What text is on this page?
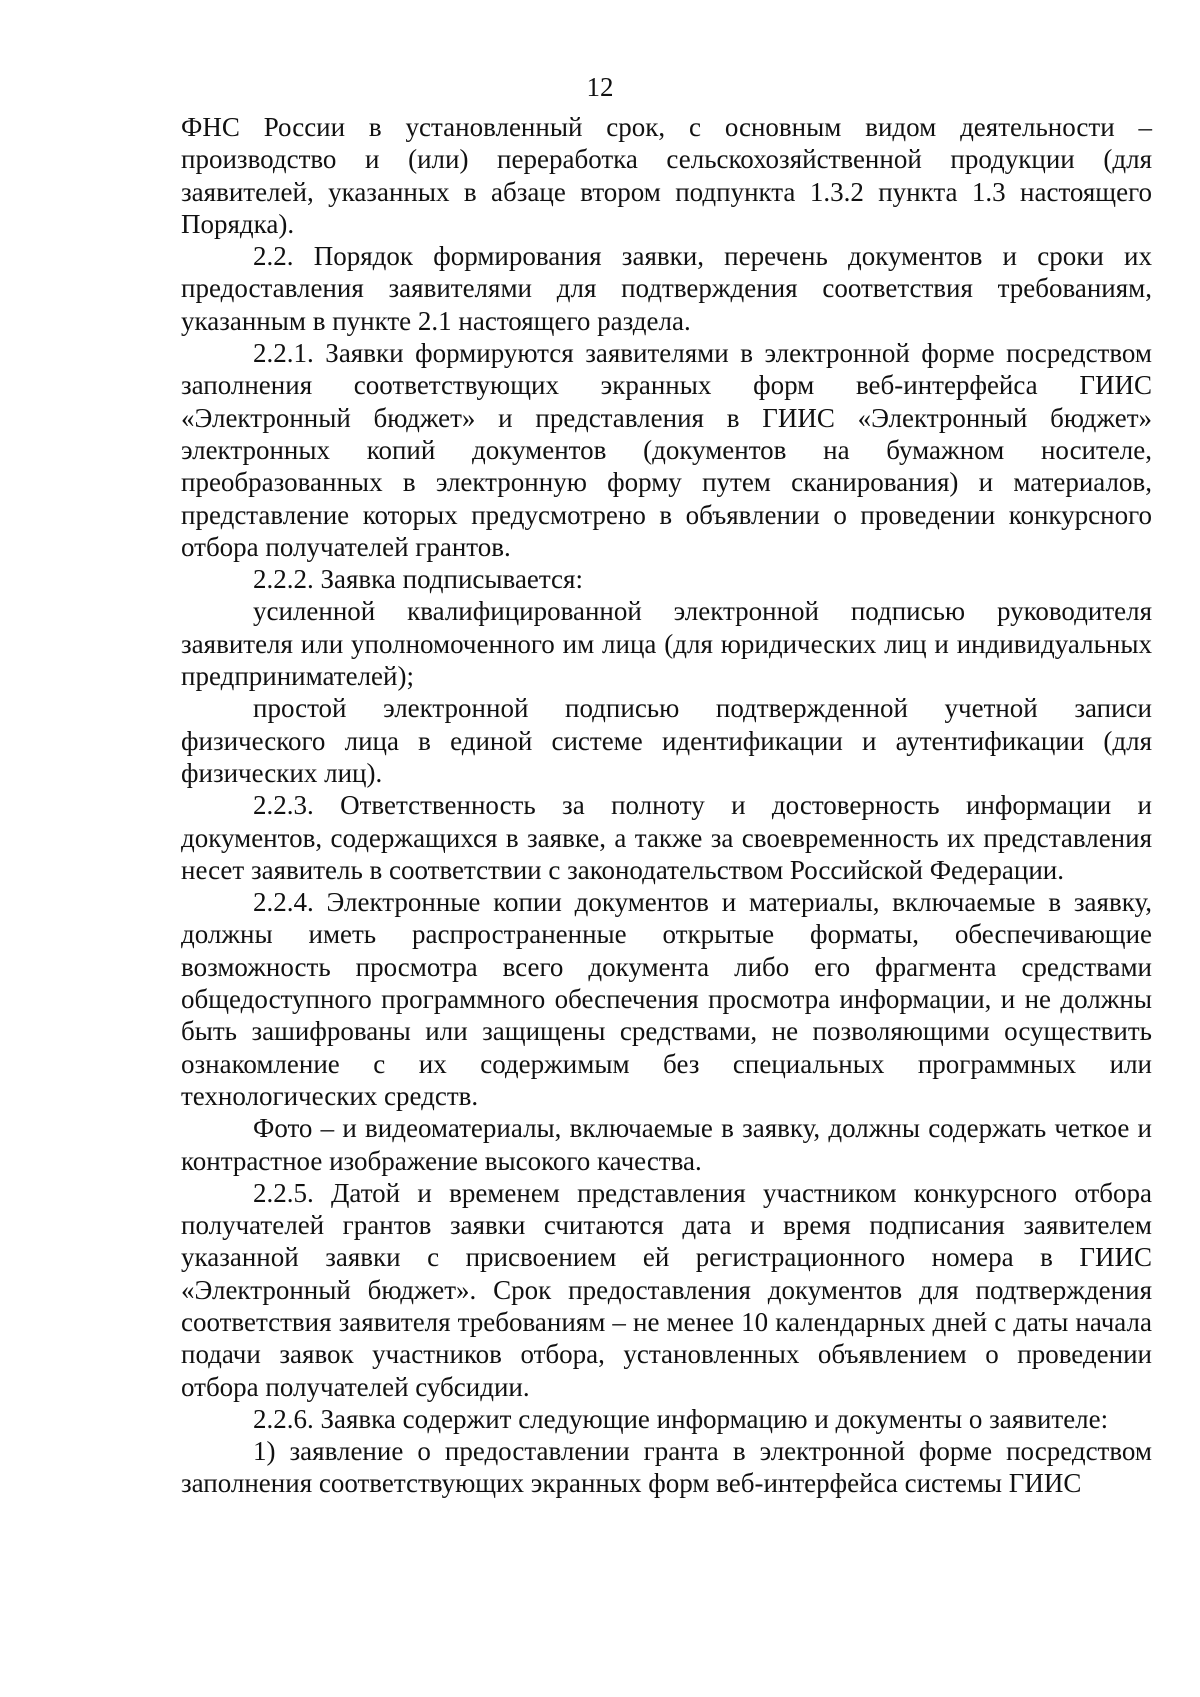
12

ФНС России в установленный срок, с основным видом деятельности – производство и (или) переработка сельскохозяйственной продукции (для заявителей, указанных в абзаце втором подпункта 1.3.2 пункта 1.3 настоящего Порядка).

2.2. Порядок формирования заявки, перечень документов и сроки их предоставления заявителями для подтверждения соответствия требованиям, указанным в пункте 2.1 настоящего раздела.

2.2.1. Заявки формируются заявителями в электронной форме посредством заполнения соответствующих экранных форм веб-интерфейса ГИИС «Электронный бюджет» и представления в ГИИС «Электронный бюджет» электронных копий документов (документов на бумажном носителе, преобразованных в электронную форму путем сканирования) и материалов, представление которых предусмотрено в объявлении о проведении конкурсного отбора получателей грантов.

2.2.2. Заявка подписывается:

усиленной квалифицированной электронной подписью руководителя заявителя или уполномоченного им лица (для юридических лиц и индивидуальных предпринимателей);

простой электронной подписью подтвержденной учетной записи физического лица в единой системе идентификации и аутентификации (для физических лиц).

2.2.3. Ответственность за полноту и достоверность информации и документов, содержащихся в заявке, а также за своевременность их представления несет заявитель в соответствии с законодательством Российской Федерации.

2.2.4. Электронные копии документов и материалы, включаемые в заявку, должны иметь распространенные открытые форматы, обеспечивающие возможность просмотра всего документа либо его фрагмента средствами общедоступного программного обеспечения просмотра информации, и не должны быть зашифрованы или защищены средствами, не позволяющими осуществить ознакомление с их содержимым без специальных программных или технологических средств.

Фото – и видеоматериалы, включаемые в заявку, должны содержать четкое и контрастное изображение высокого качества.

2.2.5. Датой и временем представления участником конкурсного отбора получателей грантов заявки считаются дата и время подписания заявителем указанной заявки с присвоением ей регистрационного номера в ГИИС «Электронный бюджет». Срок предоставления документов для подтверждения соответствия заявителя требованиям – не менее 10 календарных дней с даты начала подачи заявок участников отбора, установленных объявлением о проведении отбора получателей субсидии.

2.2.6. Заявка содержит следующие информацию и документы о заявителе:

1) заявление о предоставлении гранта в электронной форме посредством заполнения соответствующих экранных форм веб-интерфейса системы ГИИС
